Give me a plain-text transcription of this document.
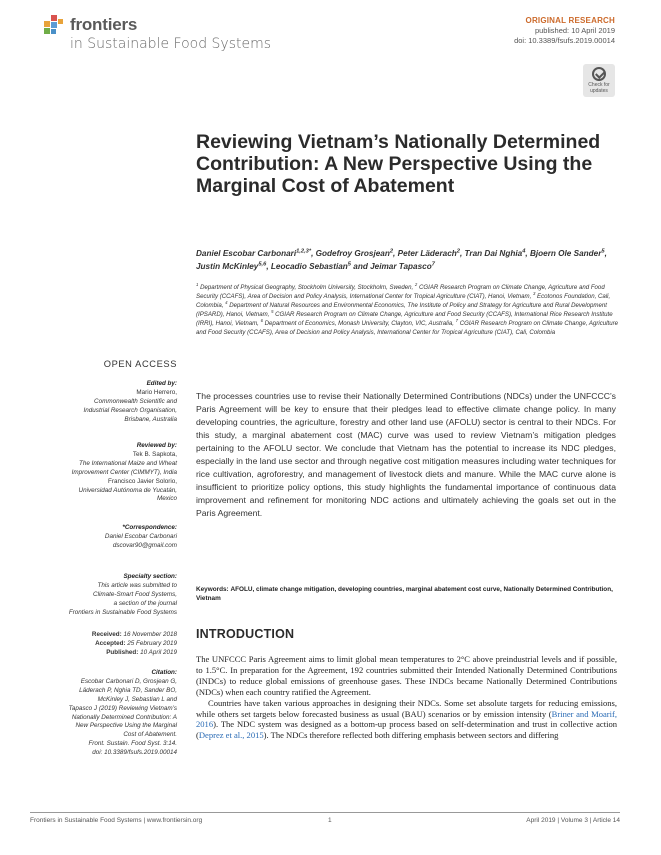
frontiers
in Sustainable Food Systems
ORIGINAL RESEARCH
published: 10 April 2019
doi: 10.3389/fsufs.2019.00014
Check for
updates
Reviewing Vietnam’s Nationally Determined Contribution: A New Perspective Using the Marginal Cost of Abatement
Daniel Escobar Carbonari$^{1,2,3*}$, Godefroy Grosjean$^2$, Peter Läderach$^2$, Tran Dai Nghia$^4$, Bjoern Ole Sander$^5$, Justin McKinley$^{5,6}$, Leocadio Sebastian$^5$ and Jeimar Tapasco$^7$
$^1$ Department of Physical Geography, Stockholm University, Stockholm, Sweden, $^2$ CGIAR Research Program on Climate Change, Agriculture and Food Security (CCAFS), Area of Decision and Policy Analysis, International Center for Tropical Agriculture (CIAT), Hanoi, Vietnam, $^3$ Ecotonos Foundation, Cali, Colombia, $^4$ Department of Natural Resources and Environmental Economics, The Institute of Policy and Strategy for Agriculture and Rural Development (IPSARD), Hanoi, Vietnam, $^5$ CGIAR Research Program on Climate Change, Agriculture and Food Security (CCAFS), International Rice Research Institute (IRRI), Hanoi, Vietnam, $^6$ Department of Economics, Monash University, Clayton, VIC, Australia, $^7$ CGIAR Research Program on Climate Change, Agriculture and Food Security (CCAFS), Area of Decision and Policy Analysis, International Center for Tropical Agriculture (CIAT), Cali, Colombia
OPEN ACCESS
Edited by:
Mario Herrero,
Commonwealth Scientific and
Industrial Research Organisation,
Brisbane, Australia
Reviewed by:
Tek B. Sapkota,
The International Maize and Wheat
Improvement Center (CIMMYT), India
Francisco Javier Solorio,
Universidad Autónoma de Yucatán,
Mexico
*Correspondence:
Daniel Escobar Carbonari
dscovar90@gmail.com
Specialty section:
This article was submitted to
Climate-Smart Food Systems,
a section of the journal
Frontiers in Sustainable Food Systems
Received: 16 November 2018
Accepted: 25 February 2019
Published: 10 April 2019
Citation:
Escobar Carbonari D, Grosjean G,
Läderach P, Nghia TD, Sander BO,
McKinley J, Sebastian L and
Tapasco J (2019) Reviewing Vietnam’s
Nationally Determined Contribution: A
New Perspective Using the Marginal
Cost of Abatement.
Front. Sustain. Food Syst. 3:14.
doi: 10.3389/fsufs.2019.00014
The processes countries use to revise their Nationally Determined Contributions (NDCs) under the UNFCCC’s Paris Agreement will be key to ensure that their pledges lead to effective climate change policy. In many developing countries, the agriculture, forestry and other land use (AFOLU) sector is central to their NDCs. For this study, a marginal abatement cost (MAC) curve was used to review Vietnam’s mitigation pledges pertaining to the AFOLU sector. We conclude that Vietnam has the potential to increase its NDC pledges, especially in the land use sector and through negative cost mitigation measures including water techniques for rice cultivation, agroforestry, and management of livestock diets and manure. While the MAC curve alone is insufficient to prioritize policy options, this study highlights the fundamental importance of continuous data improvement and refinement for monitoring NDC actions and ultimately achieving the goals set out in the Paris Agreement.
Keywords: AFOLU, climate change mitigation, developing countries, marginal abatement cost curve, Nationally Determined Contribution, Vietnam
INTRODUCTION

The UNFCCC Paris Agreement aims to limit global mean temperatures to 2°C above preindustrial levels and if possible, to 1.5°C. In preparation for the Agreement, 192 countries submitted their Intended Nationally Determined Contributions (INDCs) to reduce global emissions of greenhouse gases. These INDCs became Nationally Determined Contributions (NDCs) when each country ratified the Agreement.

Countries have taken various approaches in designing their NDCs. Some set absolute targets for reducing emissions, while others set targets below forecasted business as usual (BAU) scenarios or by emission intensity (Briner and Moarif, 2016). The NDC system was designed as a bottom-up process based on self-determination and trust in collective action (Deprez et al., 2015). The NDCs therefore reflected both differing emphasis between sectors and differing

Frontiers in Sustainable Food Systems | www.frontiersin.org	1	April 2019 | Volume 3 | Article 14
